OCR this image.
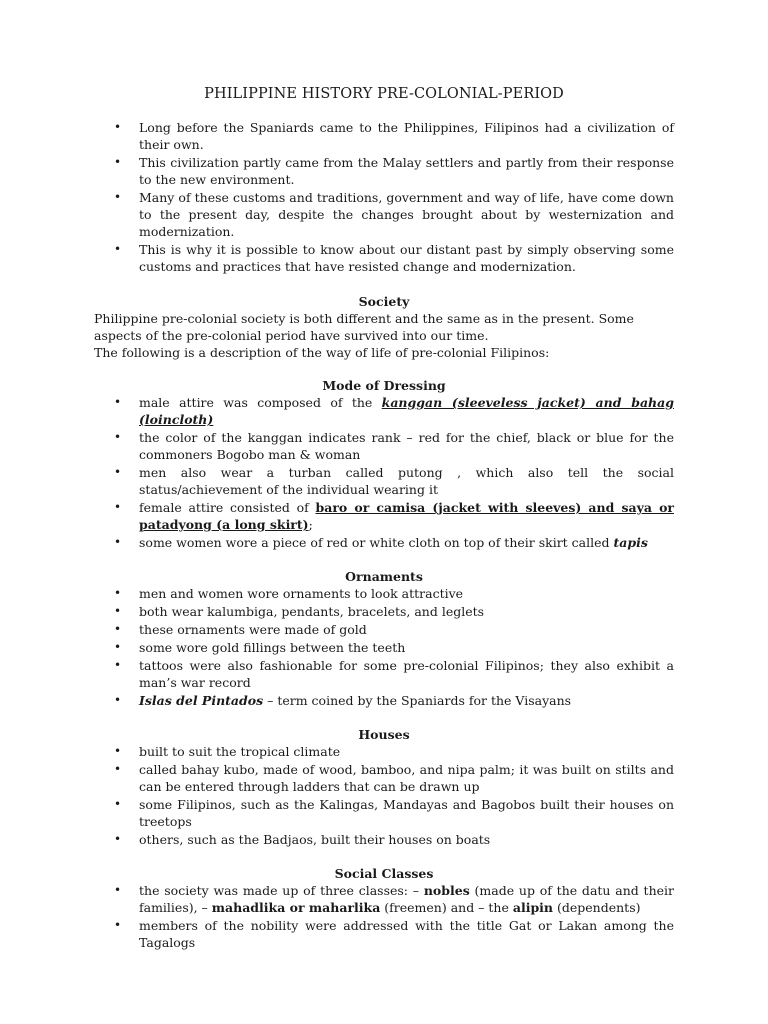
PHILIPPINE HISTORY PRE-COLONIAL-PERIOD
• Long before the Spaniards came to the Philippines, Filipinos had a civilization of their own.
• This civilization partly came from the Malay settlers and partly from their response to the new environment.
• Many of these customs and traditions, government and way of life, have come down to the present day, despite the changes brought about by westernization and modernization.
• This is why it is possible to know about our distant past by simply observing some customs and practices that have resisted change and modernization.
Society

Philippine pre-colonial society is both different and the same as in the present. Some aspects of the pre-colonial period have survived into our time.

The following is a description of the way of life of pre-colonial Filipinos:

Mode of Dressing
• male attire was composed of the kanggan (sleeveless jacket) and bahag (loincloth)
• the color of the kanggan indicates rank – red for the chief, black or blue for the commoners Bogobo man & woman
• men also wear a turban called putong , which also tell the social status/achievement of the individual wearing it
• female attire consisted of baro or camisa (jacket with sleeves) and saya or patadyong (a long skirt);
• some women wore a piece of red or white cloth on top of their skirt called tapis
Ornaments
• men and women wore ornaments to look attractive
• both wear kalumbiga, pendants, bracelets, and leglets
• these ornaments were made of gold
• some wore gold fillings between the teeth
• tattoos were also fashionable for some pre-colonial Filipinos; they also exhibit a man’s war record
• Islas del Pintados – term coined by the Spaniards for the Visayans
Houses
• built to suit the tropical climate
• called bahay kubo, made of wood, bamboo, and nipa palm; it was built on stilts and can be entered through ladders that can be drawn up
• some Filipinos, such as the Kalingas, Mandayas and Bagobos built their houses on treetops
• others, such as the Badjaos, built their houses on boats
Social Classes
• the society was made up of three classes: – nobles (made up of the datu and their families), – mahadlika or maharlika (freemen) and – the alipin (dependents)
• members of the nobility were addressed with the title Gat or Lakan among the Tagalogs
